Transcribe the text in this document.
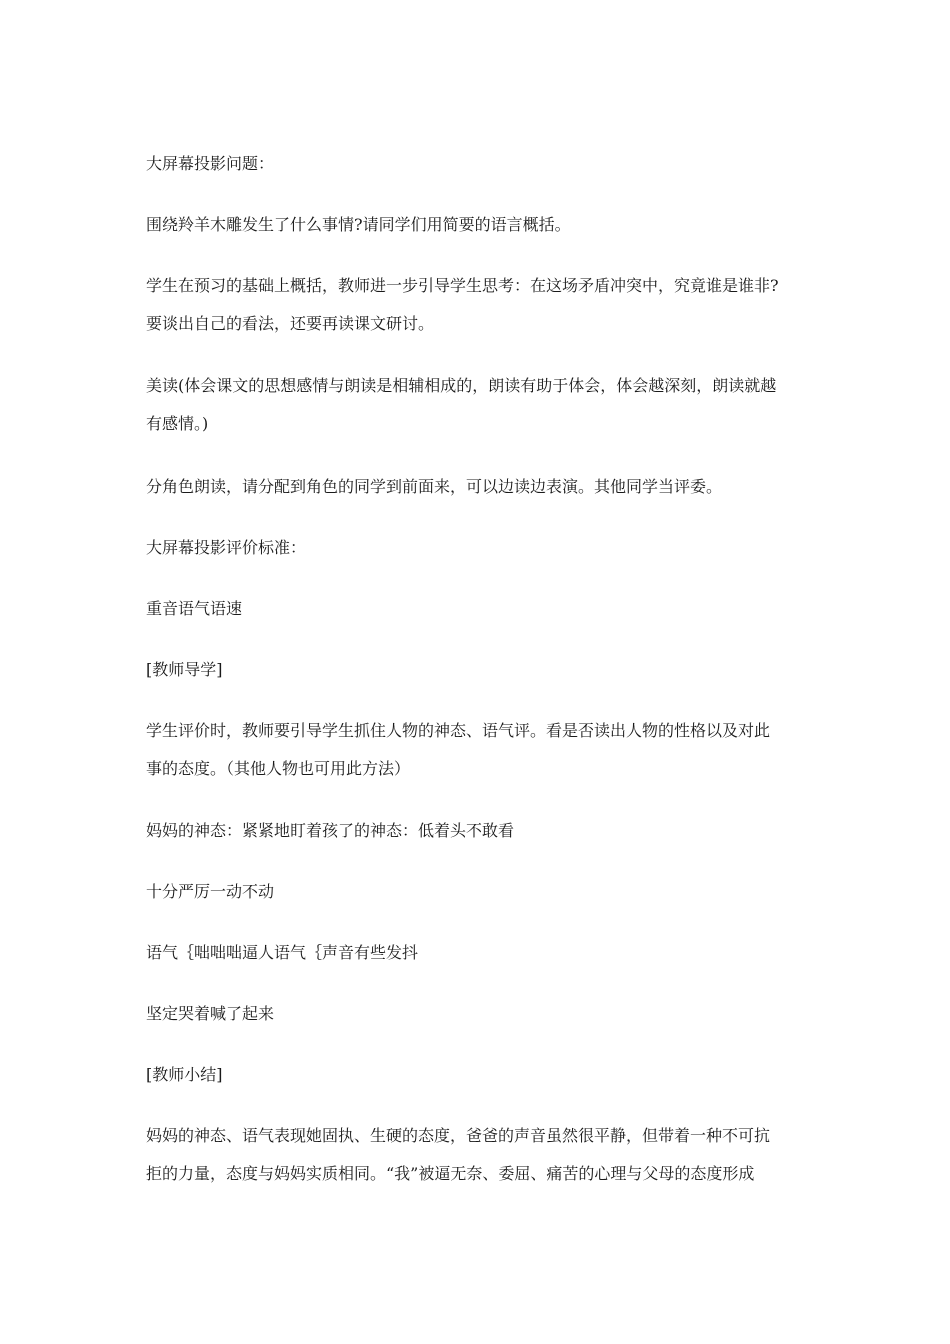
大屏幕投影问题：
围绕羚羊木雕发生了什么事情?请同学们用简要的语言概括。
学生在预习的基础上概括，教师进一步引导学生思考：在这场矛盾冲突中，究竟谁是谁非?
要谈出自己的看法，还要再读课文研讨。
美读(体会课文的思想感情与朗读是相辅相成的，朗读有助于体会，体会越深刻，朗读就越
有感情。)
分角色朗读，请分配到角色的同学到前面来，可以边读边表演。其他同学当评委。
大屏幕投影评价标准：
重音语气语速
[教师导学]
学生评价时，教师要引导学生抓住人物的神态、语气评。看是否读出人物的性格以及对此
事的态度。（其他人物也可用此方法）
妈妈的神态：紧紧地盯着孩了的神态：低着头不敢看
十分严厉一动不动
语气｛咄咄咄逼人语气｛声音有些发抖
坚定哭着喊了起来
[教师小结]
妈妈的神态、语气表现她固执、生硬的态度，爸爸的声音虽然很平静，但带着一种不可抗
拒的力量，态度与妈妈实质相同。“我”被逼无奈、委屈、痛苦的心理与父母的态度形成
